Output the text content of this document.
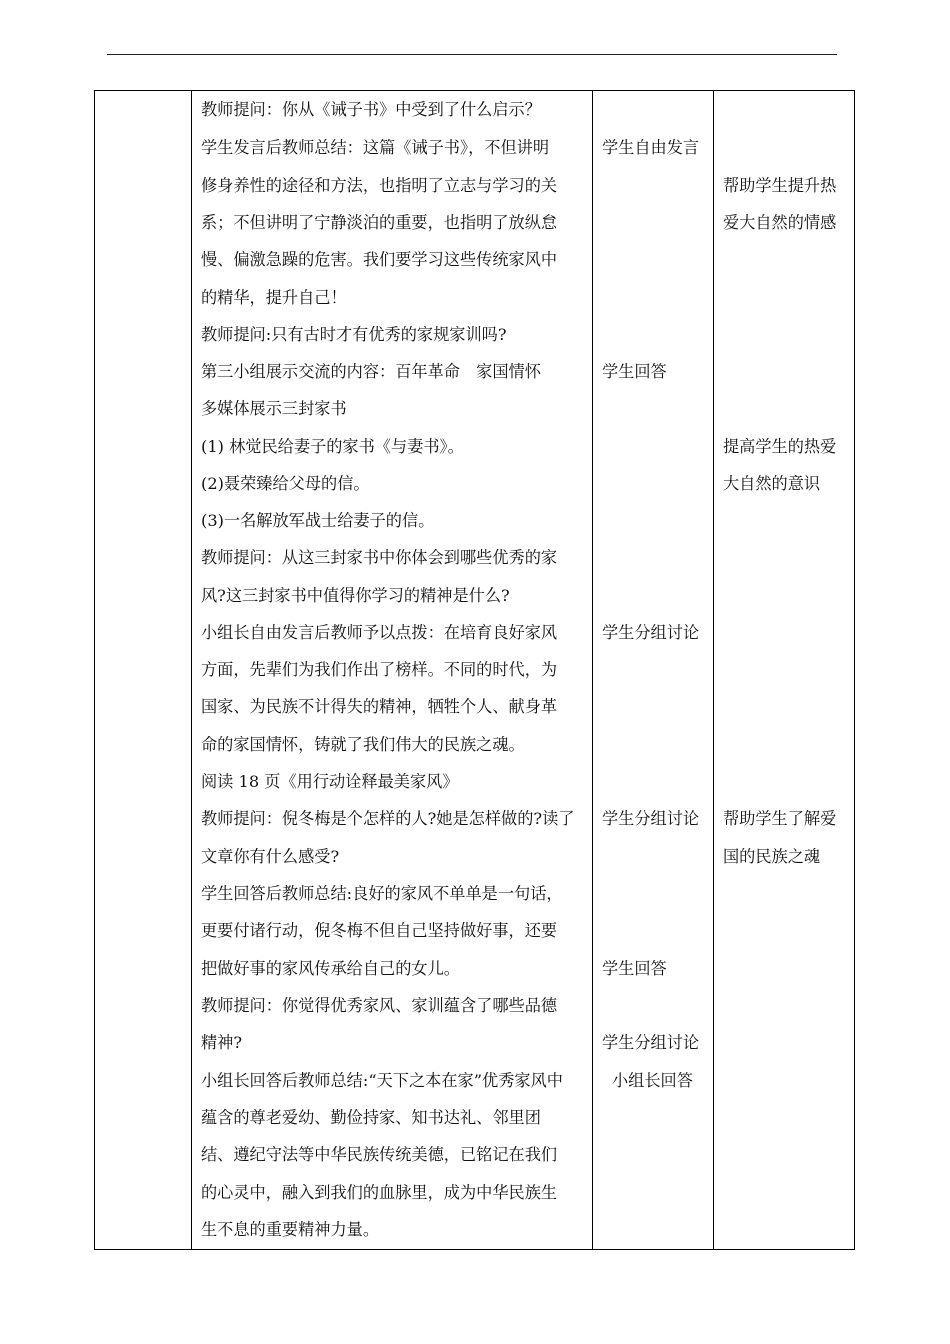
教师提问：你从《诫子书》中受到了什么启示？
学生发言后教师总结：这篇《诫子书》，不但讲明
修身养性的途径和方法，也指明了立志与学习的关
系；不但讲明了宁静淡泊的重要，也指明了放纵怠
慢、偏激急躁的危害。我们要学习这些传统家风中
的精华，提升自己！
教师提问:只有古时才有优秀的家规家训吗?
第三小组展示交流的内容：百年革命　家国情怀
多媒体展示三封家书
(1) 林觉民给妻子的家书《与妻书》。
(2)聂荣臻给父母的信。
(3)一名解放军战士给妻子的信。
教师提问：从这三封家书中你体会到哪些优秀的家
风?这三封家书中值得你学习的精神是什么?
小组长自由发言后教师予以点拨：在培育良好家风
方面，先辈们为我们作出了榜样。不同的时代，为
国家、为民族不计得失的精神，牺牲个人、献身革
命的家国情怀，铸就了我们伟大的民族之魂。
阅读 18 页《用行动诠释最美家风》
教师提问：倪冬梅是个怎样的人?她是怎样做的?读了
文章你有什么感受?
学生回答后教师总结:良好的家风不单单是一句话，
更要付诸行动，倪冬梅不但自己坚持做好事，还要
把做好事的家风传承给自己的女儿。
教师提问：你觉得优秀家风、家训蕴含了哪些品德
精神?
小组长回答后教师总结:“天下之本在家”优秀家风中
蕴含的尊老爱幼、勤俭持家、知书达礼、邻里团
结、遵纪守法等中华民族传统美德，已铭记在我们
的心灵中，融入到我们的血脉里，成为中华民族生
生不息的重要精神力量。
学生自由发言
学生回答
学生分组讨论
学生分组讨论
学生回答
学生分组讨论
小组长回答
帮助学生提升热
爱大自然的情感
提高学生的热爱
大自然的意识
帮助学生了解爱
国的民族之魂
